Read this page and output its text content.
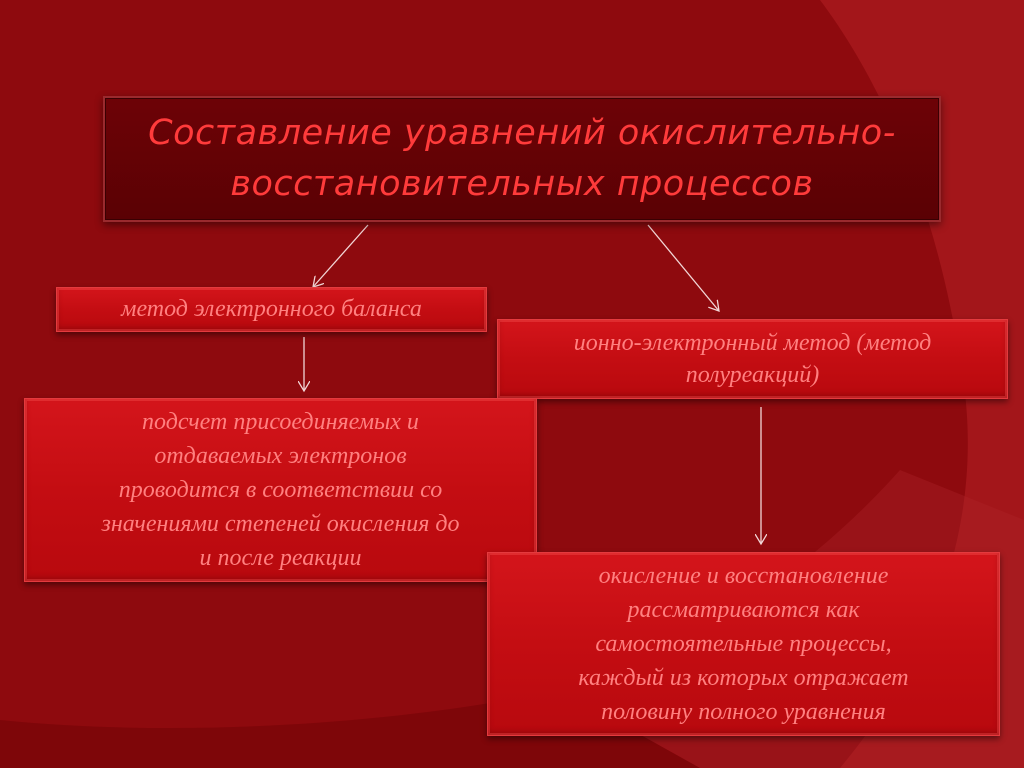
Составление уравнений окислительно-
восстановительных процессов
метод электронного баланса
ионно-электронный метод (метод
полуреакций)
подсчет присоединяемых и
отдаваемых электронов
проводится в соответствии со
значениями степеней окисления до
и после реакции
окисление и восстановление
рассматриваются как
самостоятельные процессы,
каждый из которых отражает
половину полного уравнения
